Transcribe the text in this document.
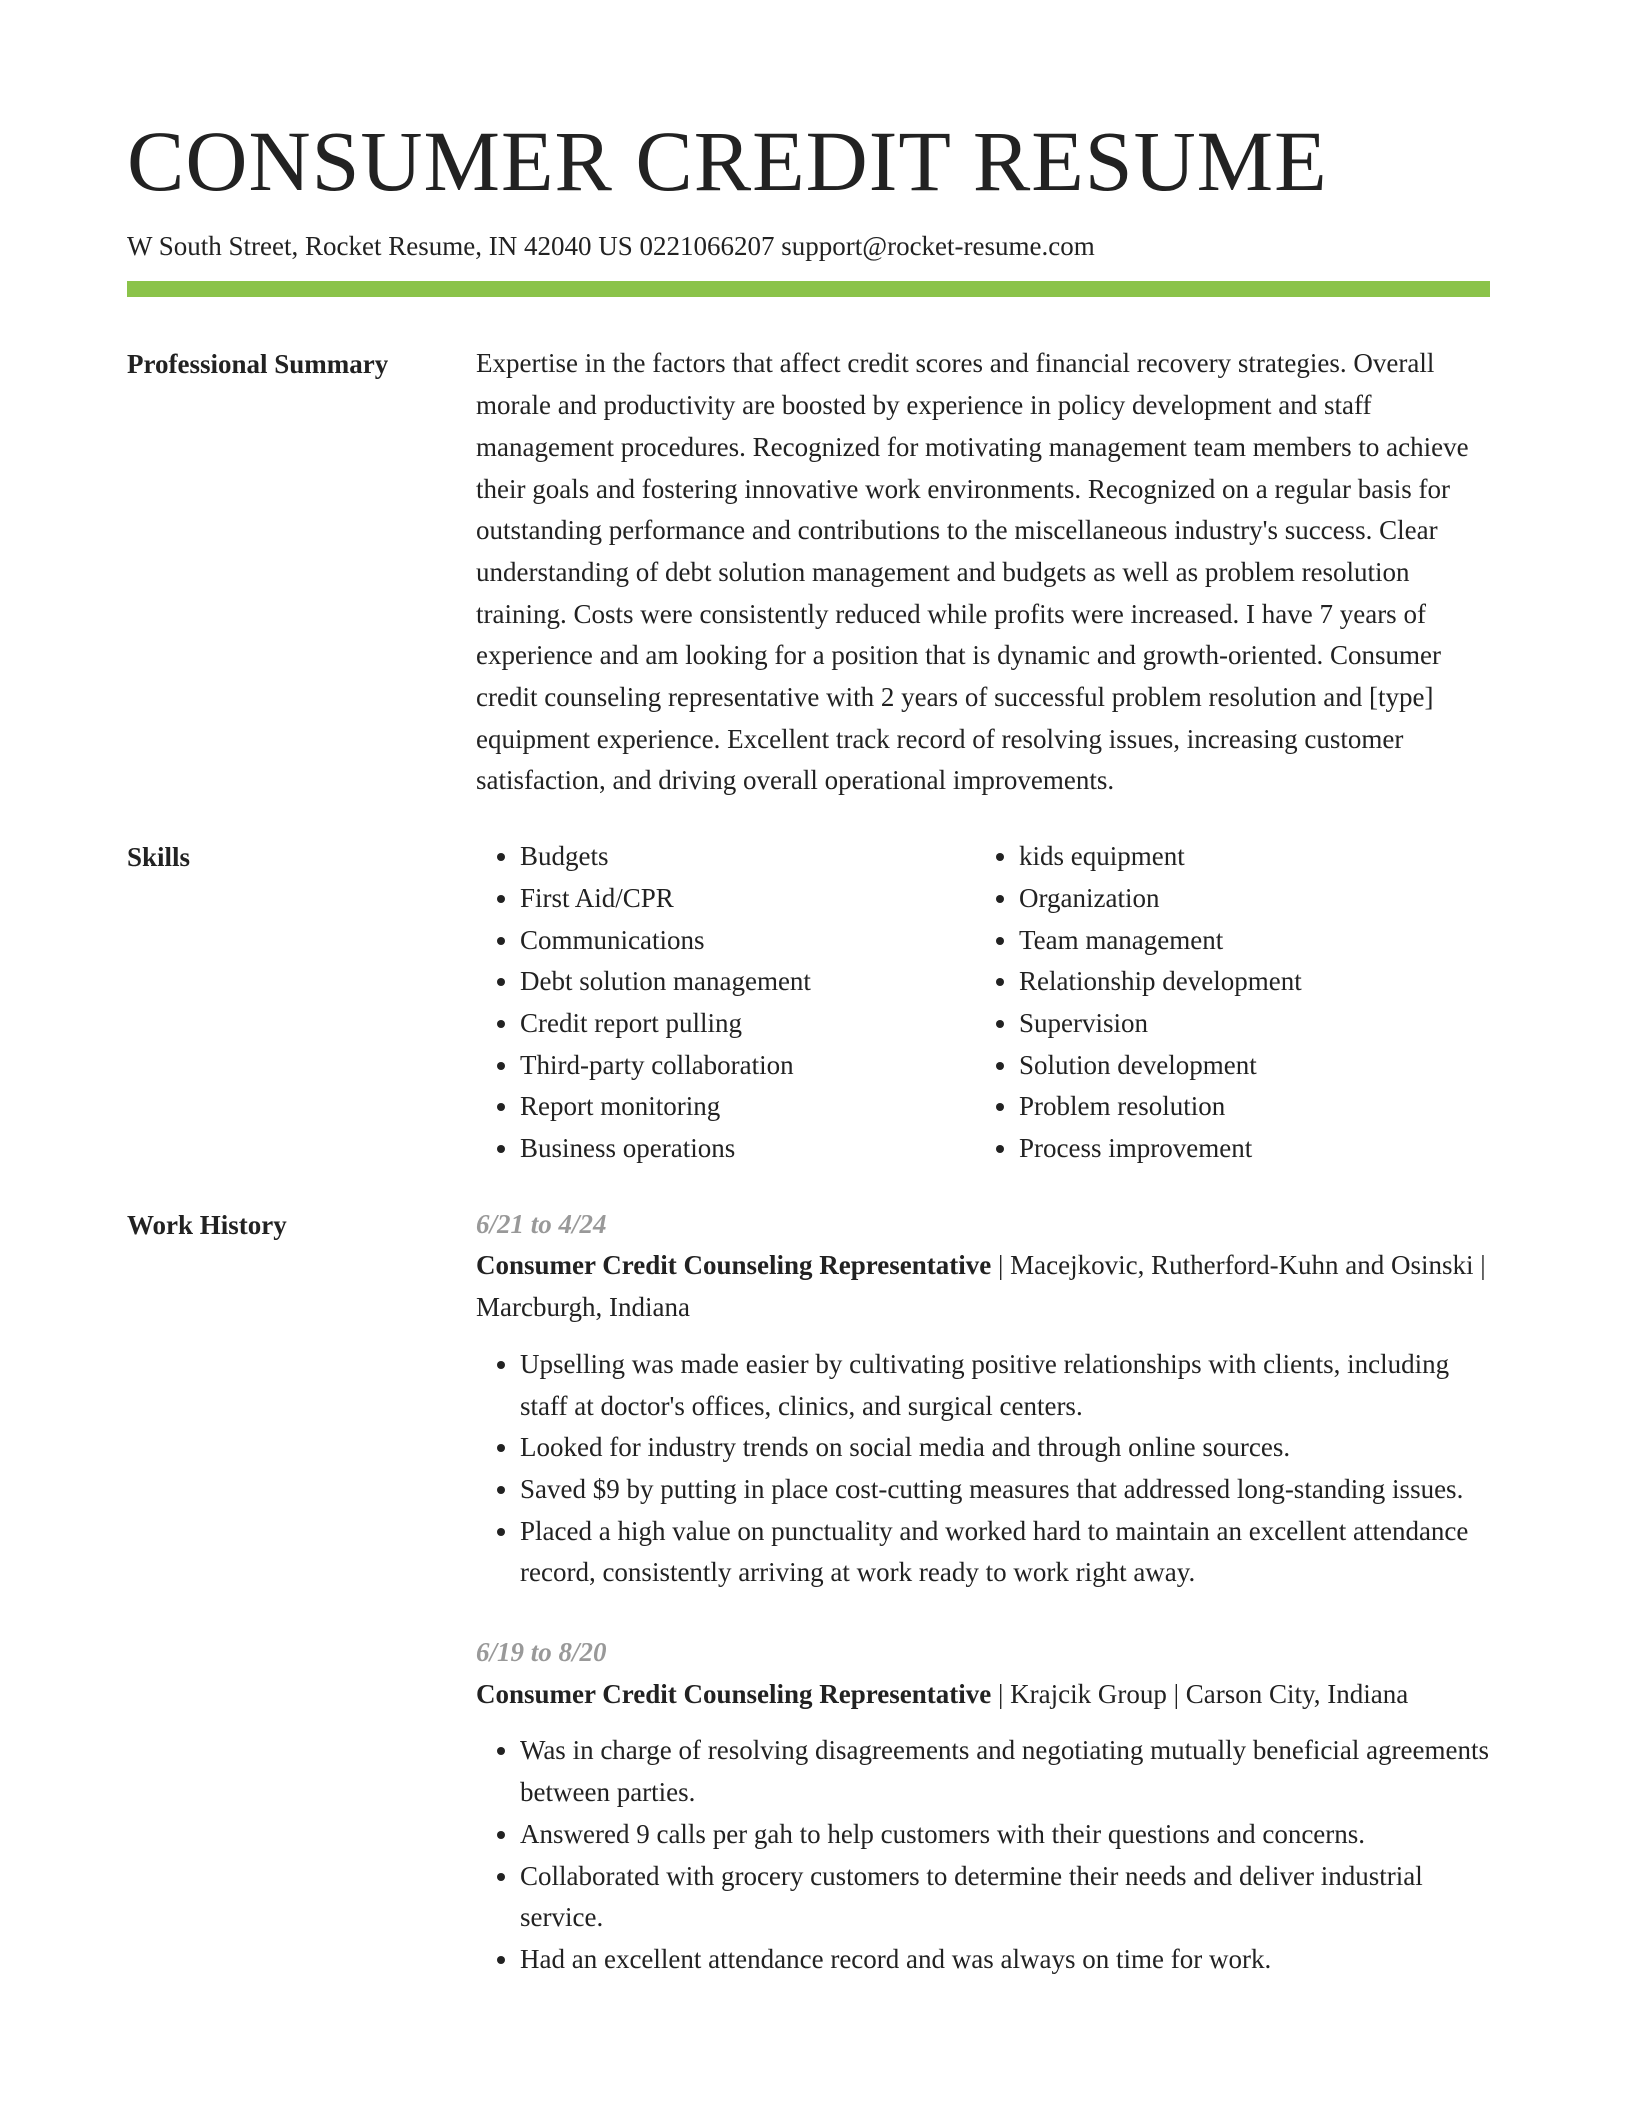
CONSUMER CREDIT RESUME
W South Street, Rocket Resume, IN 42040 US 0221066207 support@rocket-resume.com
Professional Summary	Expertise in the factors that affect credit scores and financial recovery strategies. Overall morale and productivity are boosted by experience in policy development and staff management procedures. Recognized for motivating management team members to achieve their goals and fostering innovative work environments. Recognized on a regular basis for outstanding performance and contributions to the miscellaneous industry's success. Clear understanding of debt solution management and budgets as well as problem resolution training. Costs were consistently reduced while profits were increased. I have 7 years of experience and am looking for a position that is dynamic and growth-oriented. Consumer credit counseling representative with 2 years of successful problem resolution and [type] equipment experience. Excellent track record of resolving issues, increasing customer satisfaction, and driving overall operational improvements.

Skills
•	Budgets
• First Aid/CPR
• Communications
• Debt solution management
• Credit report pulling
• Third-party collaboration
• Report monitoring
• Business operations
• kids equipment
• Organization
• Team management
• Relationship development
• Supervision
• Solution development
• Problem resolution
• Process improvement
Work History	6/21 to 4/24
Consumer Credit Counseling Representative | Macejkovic, Rutherford-Kuhn and Osinski | Marcburgh, Indiana
• Upselling was made easier by cultivating positive relationships with clients, including staff at doctor's offices, clinics, and surgical centers.
• Looked for industry trends on social media and through online sources.
• Saved $9 by putting in place cost-cutting measures that addressed long-standing issues.
• Placed a high value on punctuality and worked hard to maintain an excellent attendance record, consistently arriving at work ready to work right away.
6/19 to 8/20
Consumer Credit Counseling Representative | Krajcik Group | Carson City, Indiana
• Was in charge of resolving disagreements and negotiating mutually beneficial agreements between parties.
• Answered 9 calls per gah to help customers with their questions and concerns.
• Collaborated with grocery customers to determine their needs and deliver industrial service.
• Had an excellent attendance record and was always on time for work.
